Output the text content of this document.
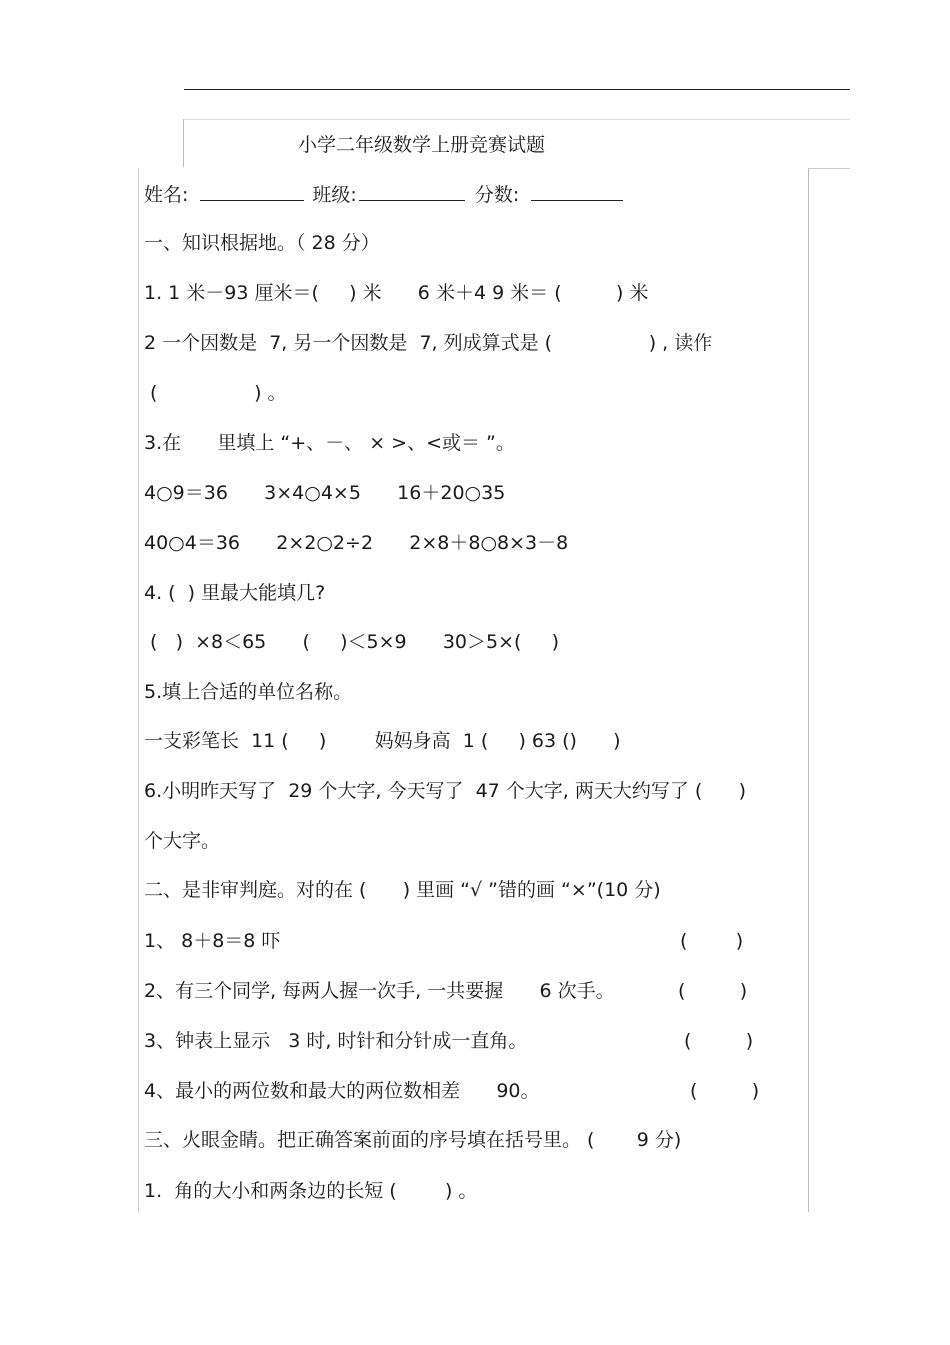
小学二年级数学上册竞赛试题
姓名:	班级:	分数:
一、知识根据地。（ 28 分）
1. 1 米－93 厘米＝(     ) 米      6 米＋4 9 米＝ (         ) 米
2 一个因数是  7, 另一个因数是  7, 列成算式是 (                ) , 读作
(                ) 。
3.在      里填上 “+、－、 × >、<或＝ ”。
4○9＝36      3×4○4×5      16＋20○35
40○4＝36      2×2○2÷2      2×8＋8○8×3－8
4. (  ) 里最大能填几?
(   )  ×8＜65      (     )＜5×9      30＞5×(     )
5.填上合适的单位名称。
一支彩笔长  11 (     )        妈妈身高  1 (     ) 63 ()      )
6.小明昨天写了  29 个大字, 今天写了  47 个大字, 两天大约写了 (      )
个大字。
二、是非审判庭。对的在 (      ) 里画 “√ ”错的画 “×”(10 分)
1、 8＋8＝8 吓	(        )
2、有三个同学, 每两人握一次手, 一共要握      6 次手。	(         )
3、钟表上显示   3 时, 时针和分针成一直角。	(         )
4、最小的两位数和最大的两位数相差      90。	(         )
三、火眼金睛。把正确答案前面的序号填在括号里。 (       9 分)
1.  角的大小和两条边的长短 (        ) 。
